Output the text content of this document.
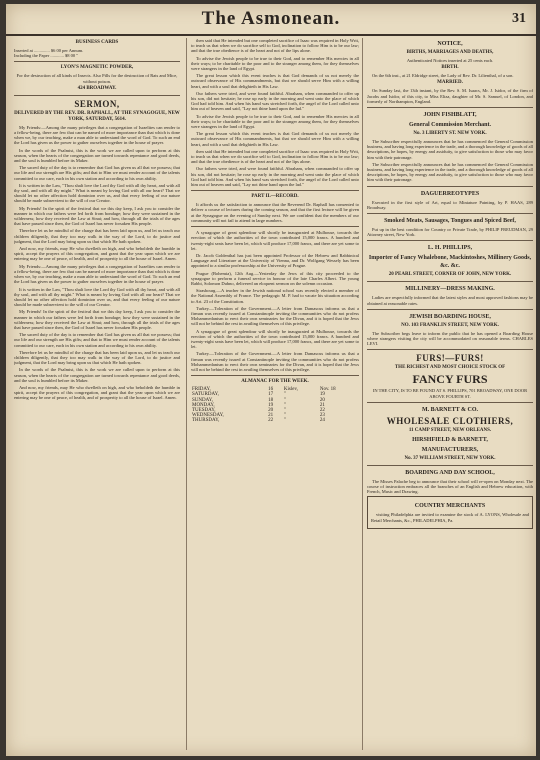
The Asmonean.	31
BUSINESS CARDS
Inserted at .............. $6 00 per Annum.
Including the Paper ............ $8 00 "
LYON'S MAGNETIC POWDER,
For the destruction of all kinds of Insects. Also Pills for the destruction of Rats and Mice, without poison.
424 BROADWAY.
SERMON,
DELIVERED BY THE REV. DR. RAPHALL, AT THE SYNAGOGUE, NEW YORK, SATURDAY, 5614.

My Friends:—Among the many privileges that a congregation of Israelites can render to a fellow-being, there are few that can be named of more importance than that which is done when we, by our teaching, make a man able to understand the word of God. To such an end the Lord has given us the power to gather ourselves together in the house of prayer.

In the words of the Psalmist, this is the work we are called upon to perform at this season, when the hearts of the congregation are turned towards repentance and good deeds, and the soul is humbled before its Maker.

The sacred duty of the day is to remember that God has given us all that we possess; that our life and our strength are His gifts; and that to Him we must render account of the talents committed to our care, each in his own station and according to his own ability.

It is written in the Law, "Thou shalt love the Lord thy God with all thy heart, and with all thy soul, and with all thy might." What is meant by loving God with all our heart? That we should let no other affection hold dominion over us, and that every feeling of our nature should be made subservient to the will of our Creator.

My Friends! In the spirit of the festival that we this day keep, I ask you to consider the manner in which our fathers were led forth from bondage; how they were sustained in the wilderness; how they received the Law at Sinai; and how, through all the trials of the ages that have passed since then, the God of Israel has never forsaken His people.

Therefore let us be mindful of the charge that has been laid upon us, and let us teach our children diligently, that they too may walk in the way of the Lord, to do justice and judgment, that the Lord may bring upon us that which He hath spoken.

And now, my friends, may He who dwelleth on high, and who beholdeth the humble in spirit, accept the prayers of this congregation, and grant that the year upon which we are entering may be one of peace, of health, and of prosperity to all the house of Israel. Amen.

My Friends:—Among the many privileges that a congregation of Israelites can render to a fellow-being, there are few that can be named of more importance than that which is done when we, by our teaching, make a man able to understand the word of God. To such an end the Lord has given us the power to gather ourselves together in the house of prayer.

It is written in the Law, "Thou shalt love the Lord thy God with all thy heart, and with all thy soul, and with all thy might." What is meant by loving God with all our heart? That we should let no other affection hold dominion over us, and that every feeling of our nature should be made subservient to the will of our Creator.

My Friends! In the spirit of the festival that we this day keep, I ask you to consider the manner in which our fathers were led forth from bondage; how they were sustained in the wilderness; how they received the Law at Sinai; and how, through all the trials of the ages that have passed since then, the God of Israel has never forsaken His people.

The sacred duty of the day is to remember that God has given us all that we possess; that our life and our strength are His gifts; and that to Him we must render account of the talents committed to our care, each in his own station and according to his own ability.

Therefore let us be mindful of the charge that has been laid upon us, and let us teach our children diligently, that they too may walk in the way of the Lord, to do justice and judgment, that the Lord may bring upon us that which He hath spoken.

In the words of the Psalmist, this is the work we are called upon to perform at this season, when the hearts of the congregation are turned towards repentance and good deeds, and the soul is humbled before its Maker.

And now, my friends, may He who dwelleth on high, and who beholdeth the humble in spirit, accept the prayers of this congregation, and grant that the year upon which we are entering may be one of peace, of health, and of prosperity to all the house of Israel. Amen.

then said that He intended but one completed sacrifice of Isaac was required in Holy Writ, to teach us that when we do sacrifice self to God, inclination to follow Him is to be our law; and that the true obedience is of the heart and not of the lips alone.

To advise the Jewish people to be true to their God, and to remember His mercies in all their ways; to be charitable to the poor and to the stranger among them, for they themselves were strangers in the land of Egypt.

The great lesson which this event teaches is that God demands of us not merely the outward observance of His commandments, but that we should serve Him with a willing heart, and with a soul that delighteth in His Law.

Our fathers were tried, and were found faithful. Abraham, when commanded to offer up his son, did not hesitate; he rose up early in the morning and went unto the place of which God had told him. And when his hand was stretched forth, the angel of the Lord called unto him out of heaven and said, "Lay not thine hand upon the lad."

To advise the Jewish people to be true to their God, and to remember His mercies in all their ways; to be charitable to the poor and to the stranger among them, for they themselves were strangers in the land of Egypt.

The great lesson which this event teaches is that God demands of us not merely the outward observance of His commandments, but that we should serve Him with a willing heart, and with a soul that delighteth in His Law.

then said that He intended but one completed sacrifice of Isaac was required in Holy Writ, to teach us that when we do sacrifice self to God, inclination to follow Him is to be our law; and that the true obedience is of the heart and not of the lips alone.

Our fathers were tried, and were found faithful. Abraham, when commanded to offer up his son, did not hesitate; he rose up early in the morning and went unto the place of which God had told him. And when his hand was stretched forth, the angel of the Lord called unto him out of heaven and said, "Lay not thine hand upon the lad."

PART II.—RECORD.

It affords us the satisfaction to announce that the Reverend Dr. Raphall has consented to deliver a course of lectures during the coming season, and that the first lecture will be given at the Synagogue on the evening of Sunday next. We are confident that the members of our community will not fail to attend in large numbers.

A synagogue of great splendour will shortly be inaugurated at Mulhouse, towards the erection of which the authorities of the town contributed 15,000 francs. A hundred and twenty-eight seats have been let, which will produce 17,000 francs, and there are yet some to let.

Dr. Jacob Goldenthal has just been appointed Professor of the Hebrew and Rabbinical Language and Literature at the University of Vienna, and Dr. Wolfgang Wessely has been appointed to a similar professorship at the University of Prague.

Prague (Bohemia), 12th Aug.—Yesterday the Jews of this city proceeded to the synagogue to perform a funeral service in honour of the late Charles Albert. The young Rabbi, Solomon Dubno, delivered an eloquent sermon on the solemn occasion.

Strasbourg.—A teacher in the Jewish national school was recently elected a member of the National Assembly of France. The pedagogic M. P. had to vacate his situation according to Art. 23 of the Constitution.

Turkey.—Toleration of the Government.—A letter from Damascus informs us that a firman was recently issued at Constantinople inviting the communities who do not profess Mohammedanism to erect their own seminaries for the Divan, and it is hoped that the Jews will not be behind the rest in availing themselves of this privilege.

A synagogue of great splendour will shortly be inaugurated at Mulhouse, towards the erection of which the authorities of the town contributed 15,000 francs. A hundred and twenty-eight seats have been let, which will produce 17,000 francs, and there are yet some to let.

Turkey.—Toleration of the Government.—A letter from Damascus informs us that a firman was recently issued at Constantinople inviting the communities who do not profess Mohammedanism to erect their own seminaries for the Divan, and it is hoped that the Jews will not be behind the rest in availing themselves of this privilege.

ALMANAC FOR THE WEEK.
FRIDAY,	16	Kislev,	Nov. 18
SATURDAY,	17	"	19
SUNDAY,	18	"	20
MONDAY,	19	"	21
TUESDAY,	20	"	22
WEDNESDAY,	21	"	23
THURSDAY,	22	"	24
NOTICE,
BIRTHS, MARRIAGES AND DEATHS,
Authenticated Notices inserted at 25 cents each.
BIRTH.

On the 6th inst., at 21 Eldridge street, the Lady of Rev. Dr. Lilienthal, of a son.

MARRIED.

On Sunday last, the 13th instant, by the Rev. S. M. Isaacs, Mr. J. Isidor, of the firm of Jacobs and Isidor, of this city, to Miss Eliza, daughter of Mr. S. Samuel, of London, and formerly of Northampton, England.

JOHN FISHBLATT,
General Commission Merchant.
No. 3 LIBERTY ST. NEW YORK.

The Subscriber respectfully announces that he has commenced the General Commission business, and having long experience in the trade, and a thorough knowledge of goods of all descriptions, he hopes, by energy and assiduity, to give satisfaction to those who may favor him with their patronage.

The Subscriber respectfully announces that he has commenced the General Commission business, and having long experience in the trade, and a thorough knowledge of goods of all descriptions, he hopes, by energy and assiduity, to give satisfaction to those who may favor him with their patronage.

DAGUERREOTYPES

Executed in the first style of Art, equal to Miniature Painting, by P. HAAS, 289 Broadway.

Smoked Meats, Sausages, Tongues and Spiced Beef,

Put up in the best condition for Country or Private Trade, by PHILIP FREUDMAN, 29 Attorney street, New York.

L. H. PHILLIPS,
Importer of Fancy Whalebone, Mackintoshes, Millinery Goods, &c. &c.
20 PEARL STREET, CORNER OF JOHN, NEW YORK.
MILLINERY—DRESS MAKING.

Ladies are respectfully informed that the latest styles and most approved fashions may be obtained at reasonable rates.

JEWISH BOARDING HOUSE,
NO. 103 FRANKLIN STREET, NEW YORK.

The Subscriber begs leave to inform the public that he has opened a Boarding House where strangers visiting the city will be accommodated on reasonable terms. CHARLES LEVI.

FURS!—FURS!
THE RICHEST AND MOST CHOICE STOCK OF
FANCY FURS
IN THE CITY, IS TO BE FOUND AT S. PHILLIPS, 701 BROADWAY, ONE DOOR ABOVE FOURTH ST.
M. BARNETT & CO.
WHOLESALE CLOTHIERS,
11 CAMP STREET, NEW ORLEANS.
HIRSHFIELD & BARNETT,
MANUFACTURERS,
No. 37 WILLIAM STREET, NEW YORK.
BOARDING AND DAY SCHOOL,

The Misses Palache beg to announce that their school will re-open on Monday next. The course of instruction embraces all the branches of an English and Hebrew education, with French, Music and Drawing.

COUNTRY MERCHANTS

visiting Philadelphia are invited to examine the stock of A. LYONS, Wholesale and Retail Merchants, &c., PHILADELPHIA, Pa.
